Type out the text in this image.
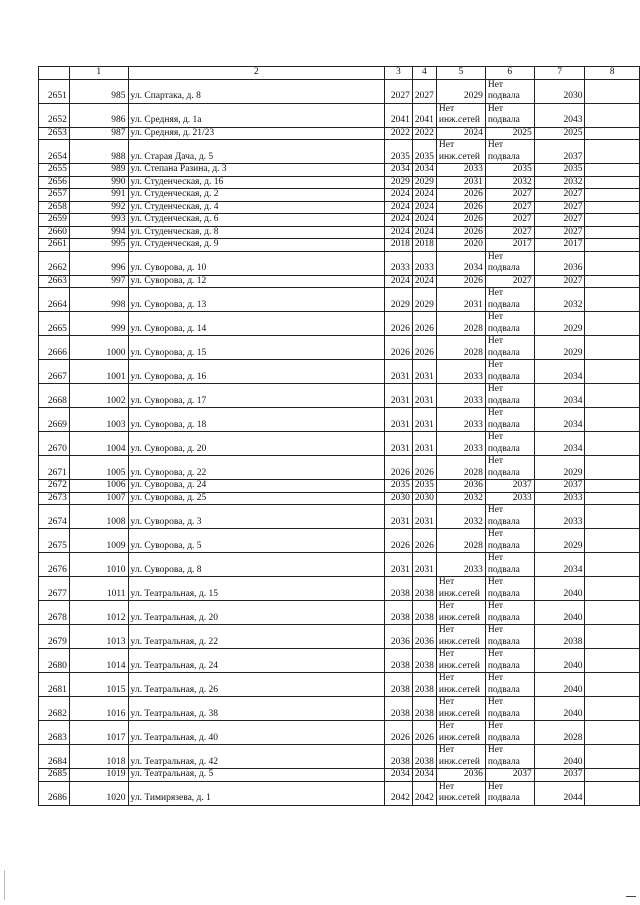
	1	2	3	4	5	6	7	8
2651	985	ул. Спартака, д. 8	2027	2027	2029	Нет подвала	2030	
2652	986	ул. Средняя, д. 1а	2041	2041	Нет инж.сетей	Нет подвала	2043	
2653	987	ул. Средняя, д. 21/23	2022	2022	2024	2025	2025	
2654	988	ул. Старая Дача, д. 5	2035	2035	Нет инж.сетей	Нет подвала	2037	
2655	989	ул. Степана Разина, д. 3	2034	2034	2033	2035	2035	
2656	990	ул. Студенческая, д. 16	2029	2029	2031	2032	2032	
2657	991	ул. Студенческая, д. 2	2024	2024	2026	2027	2027	
2658	992	ул. Студенческая, д. 4	2024	2024	2026	2027	2027	
2659	993	ул. Студенческая, д. 6	2024	2024	2026	2027	2027	
2660	994	ул. Студенческая, д. 8	2024	2024	2026	2027	2027	
2661	995	ул. Студенческая, д. 9	2018	2018	2020	2017	2017	
2662	996	ул. Суворова, д. 10	2033	2033	2034	Нет подвала	2036	
2663	997	ул. Суворова, д. 12	2024	2024	2026	2027	2027	
2664	998	ул. Суворова, д. 13	2029	2029	2031	Нет подвала	2032	
2665	999	ул. Суворова, д. 14	2026	2026	2028	Нет подвала	2029	
2666	1000	ул. Суворова, д. 15	2026	2026	2028	Нет подвала	2029	
2667	1001	ул. Суворова, д. 16	2031	2031	2033	Нет подвала	2034	
2668	1002	ул. Суворова, д. 17	2031	2031	2033	Нет подвала	2034	
2669	1003	ул. Суворова, д. 18	2031	2031	2033	Нет подвала	2034	
2670	1004	ул. Суворова, д. 20	2031	2031	2033	Нет подвала	2034	
2671	1005	ул. Суворова, д. 22	2026	2026	2028	Нет подвала	2029	
2672	1006	ул. Суворова, д. 24	2035	2035	2036	2037	2037	
2673	1007	ул. Суворова, д. 25	2030	2030	2032	2033	2033	
2674	1008	ул. Суворова, д. 3	2031	2031	2032	Нет подвала	2033	
2675	1009	ул. Суворова, д. 5	2026	2026	2028	Нет подвала	2029	
2676	1010	ул. Суворова, д. 8	2031	2031	2033	Нет подвала	2034	
2677	1011	ул. Театральная, д. 15	2038	2038	Нет инж.сетей	Нет подвала	2040	
2678	1012	ул. Театральная, д. 20	2038	2038	Нет инж.сетей	Нет подвала	2040	
2679	1013	ул. Театральная, д. 22	2036	2036	Нет инж.сетей	Нет подвала	2038	
2680	1014	ул. Театральная, д. 24	2038	2038	Нет инж.сетей	Нет подвала	2040	
2681	1015	ул. Театральная, д. 26	2038	2038	Нет инж.сетей	Нет подвала	2040	
2682	1016	ул. Театральная, д. 38	2038	2038	Нет инж.сетей	Нет подвала	2040	
2683	1017	ул. Театральная, д. 40	2026	2026	Нет инж.сетей	Нет подвала	2028	
2684	1018	ул. Театральная, д. 42	2038	2038	Нет инж.сетей	Нет подвала	2040	
2685	1019	ул. Театральная, д. 5	2034	2034	2036	2037	2037	
2686	1020	ул. Тимирязева, д. 1	2042	2042	Нет инж.сетей	Нет подвала	2044	
